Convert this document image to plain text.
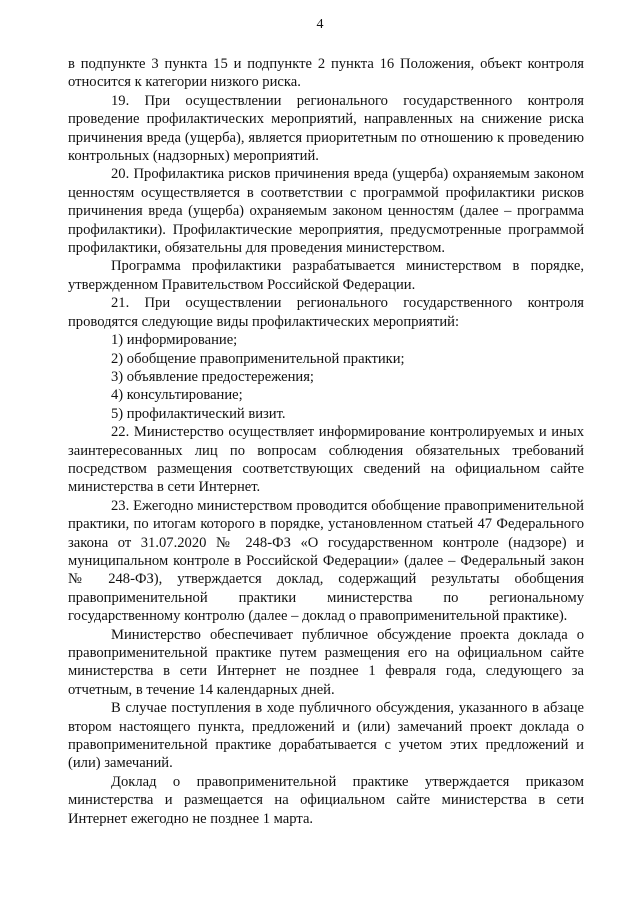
4

в подпункте 3 пункта 15 и подпункте 2 пункта 16 Положения, объект контроля относится к категории низкого риска.

19. При осуществлении регионального государственного контроля проведение профилактических мероприятий, направленных на снижение риска причинения вреда (ущерба), является приоритетным по отношению к проведению контрольных (надзорных) мероприятий.

20. Профилактика рисков причинения вреда (ущерба) охраняемым законом ценностям осуществляется в соответствии с программой профилактики рисков причинения вреда (ущерба) охраняемым законом ценностям (далее – программа профилактики). Профилактические мероприятия, предусмотренные программой профилактики, обязательны для проведения министерством.

Программа профилактики разрабатывается министерством в порядке, утвержденном Правительством Российской Федерации.

21. При осуществлении регионального государственного контроля проводятся следующие виды профилактических мероприятий:

1) информирование;

2) обобщение правоприменительной практики;

3) объявление предостережения;

4) консультирование;

5) профилактический визит.

22. Министерство осуществляет информирование контролируемых и иных заинтересованных лиц по вопросам соблюдения обязательных требований посредством размещения соответствующих сведений на официальном сайте министерства в сети Интернет.

23. Ежегодно министерством проводится обобщение правоприменительной практики, по итогам которого в порядке, установленном статьей 47 Федерального закона от 31.07.2020 № 248-ФЗ «О государственном контроле (надзоре) и муниципальном контроле в Российской Федерации» (далее – Федеральный закон № 248-ФЗ), утверждается доклад, содержащий результаты обобщения правоприменительной практики министерства по региональному государственному контролю (далее – доклад о правоприменительной практике).

Министерство обеспечивает публичное обсуждение проекта доклада о правоприменительной практике путем размещения его на официальном сайте министерства в сети Интернет не позднее 1 февраля года, следующего за отчетным, в течение 14 календарных дней.

В случае поступления в ходе публичного обсуждения, указанного в абзаце втором настоящего пункта, предложений и (или) замечаний проект доклада о правоприменительной практике дорабатывается с учетом этих предложений и (или) замечаний.

Доклад о правоприменительной практике утверждается приказом министерства и размещается на официальном сайте министерства в сети Интернет ежегодно не позднее 1 марта.
